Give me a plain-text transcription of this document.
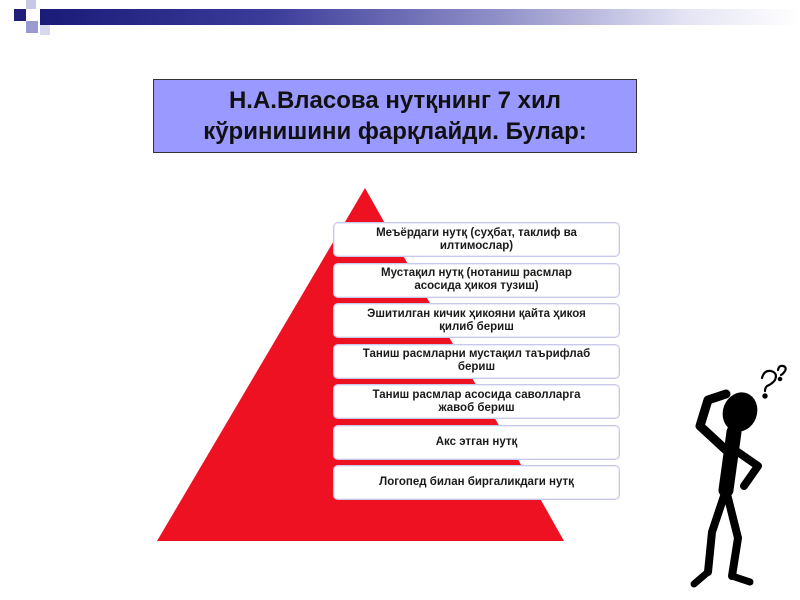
Н.А.Власова нутқнинг 7 хил
кўринишини фарқлайди. Булар:
Меъёрдаги нутқ (суҳбат, таклиф ва
илтимослар)
Мустақил нутқ (нотаниш расмлар
асосида ҳикоя тузиш)
Эшитилган кичик ҳикояни қайта ҳикоя
қилиб бериш
Таниш расмларни мустақил таърифлаб
бериш
Таниш расмлар асосида саволларга
жавоб бериш
Акс этган нутқ
Логопед билан биргаликдаги нутқ
